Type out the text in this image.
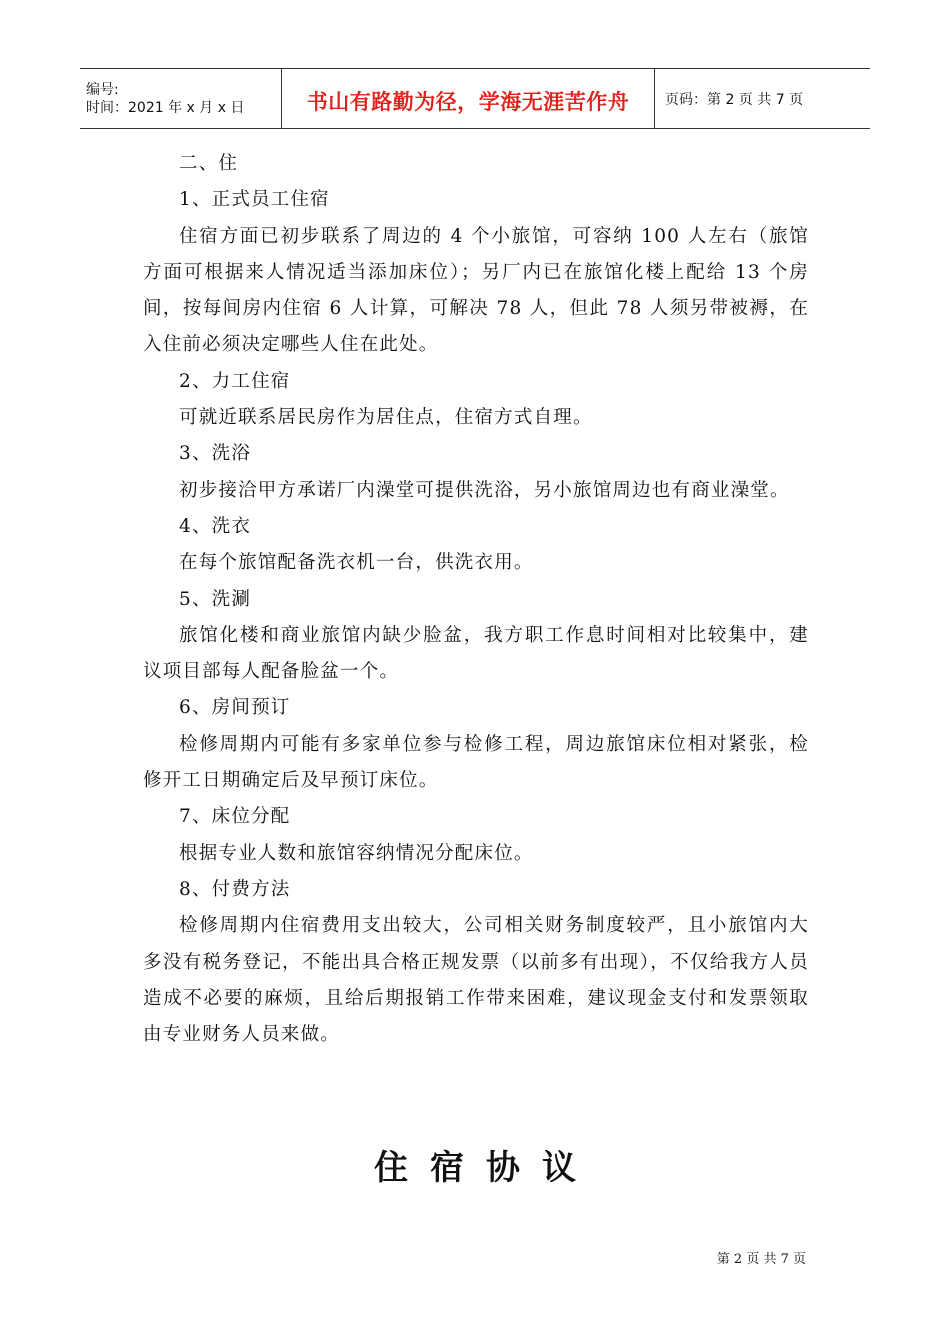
编号:
时间：2021 年 x 月 x 日	书山有路勤为径，学海无涯苦作舟	页码：第 2 页 共 7 页

二、住

1、正式员工住宿

住宿方面已初步联系了周边的 4 个小旅馆，可容纳 100 人左右（旅馆方面可根据来人情况适当添加床位）；另厂内已在旅馆化楼上配给 13 个房间，按每间房内住宿 6 人计算，可解决 78 人，但此 78 人须另带被褥，在入住前必须决定哪些人住在此处。

2、力工住宿

可就近联系居民房作为居住点，住宿方式自理。

3、洗浴

初步接洽甲方承诺厂内澡堂可提供洗浴，另小旅馆周边也有商业澡堂。

4、洗衣

在每个旅馆配备洗衣机一台，供洗衣用。

5、洗涮

旅馆化楼和商业旅馆内缺少脸盆，我方职工作息时间相对比较集中，建议项目部每人配备脸盆一个。

6、房间预订

检修周期内可能有多家单位参与检修工程，周边旅馆床位相对紧张，检修开工日期确定后及早预订床位。

7、床位分配

根据专业人数和旅馆容纳情况分配床位。

8、付费方法

检修周期内住宿费用支出较大，公司相关财务制度较严，且小旅馆内大多没有税务登记，不能出具合格正规发票（以前多有出现），不仅给我方人员造成不必要的麻烦，且给后期报销工作带来困难，建议现金支付和发票领取由专业财务人员来做。

住宿协议
第 2 页 共 7 页
